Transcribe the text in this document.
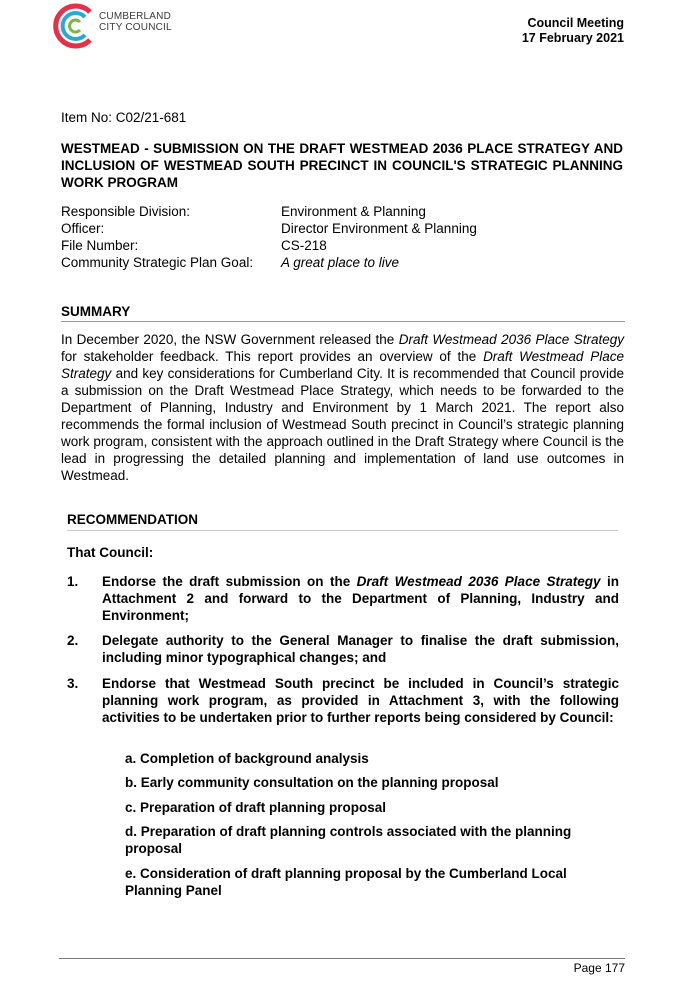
CUMBERLAND
CITY COUNCIL	Council Meeting
17 February 2021
Item No: C02/21-681
WESTMEAD - SUBMISSION ON THE DRAFT WESTMEAD 2036 PLACE STRATEGY AND INCLUSION OF WESTMEAD SOUTH PRECINCT IN COUNCIL'S STRATEGIC PLANNING WORK PROGRAM
Responsible Division:	Environment & Planning
Officer:	Director Environment & Planning
File Number:	CS-218
Community Strategic Plan Goal:	A great place to live
SUMMARY
In December 2020, the NSW Government released the Draft Westmead 2036 Place Strategy for stakeholder feedback. This report provides an overview of the Draft Westmead Place Strategy and key considerations for Cumberland City. It is recommended that Council provide a submission on the Draft Westmead Place Strategy, which needs to be forwarded to the Department of Planning, Industry and Environment by 1 March 2021. The report also recommends the formal inclusion of Westmead South precinct in Council’s strategic planning work program, consistent with the approach outlined in the Draft Strategy where Council is the lead in progressing the detailed planning and implementation of land use outcomes in Westmead.
RECOMMENDATION
That Council:
1.	Endorse the draft submission on the Draft Westmead 2036 Place Strategy in Attachment 2 and forward to the Department of Planning, Industry and Environment;
2.	Delegate authority to the General Manager to finalise the draft submission, including minor typographical changes; and
3.	Endorse that Westmead South precinct be included in Council’s strategic planning work program, as provided in Attachment 3, with the following activities to be undertaken prior to further reports being considered by Council:
a. Completion of background analysis
b. Early community consultation on the planning proposal
c. Preparation of draft planning proposal
d. Preparation of draft planning controls associated with the planning proposal
e. Consideration of draft planning proposal by the Cumberland Local Planning Panel
Page 177
